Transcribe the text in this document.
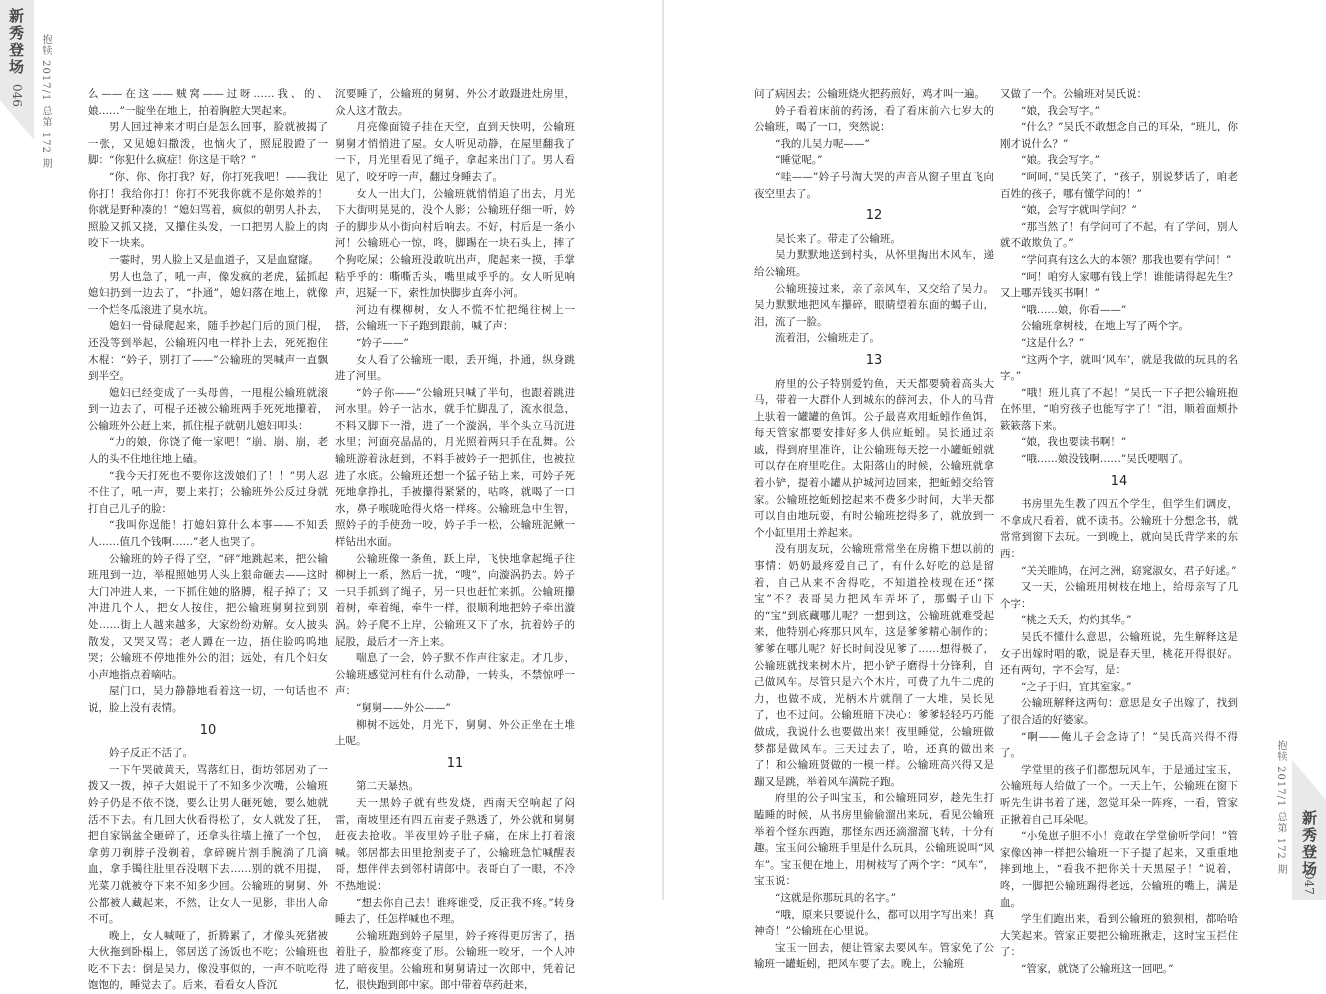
新秀登场
046 抱犊 2017/1 总第 172 期
新秀登场
047
抱犊 2017/1 总第 172 期

么——在这——贼窝——过呀……我、的、娘……”一腚坐在地上，拍着胸腔大哭起来。

男人回过神来才明白是怎么回事，脸就被揭了一张，又见媳妇撒泼，也恼火了，照屁股蹬了一脚：“你犯什么疯症！你这是干啥？”

“你、你、你打我？好，你打死我吧！——我让你打！我给你打！你打不死我你就不是你娘养的！你就是野种凑的！”媳妇骂着，疯似的朝男人扑去，照脸又抓又挠，又攥住头发，一口把男人脸上的肉咬下一块来。

一霎时，男人脸上又是血道子，又是血窟窿。

男人也急了，吼一声，像发疯的老虎，猛抓起媳妇扔到一边去了，“扑通”，媳妇落在地上，就像一个烂冬瓜滚进了臭水坑。

媳妇一骨碌爬起来，随手抄起门后的顶门棍，还没等到举起，公输班闪电一样扑上去，死死抱住木棍：“妗子，别打了——”公输班的哭喊声一直飘到半空。

媳妇已经变成了一头母兽，一甩棍公输班就滚到一边去了，可棍子还被公输班两手死死地攥着，公输班外公赶上来，抓住棍子就朝儿媳妇叩头：

“力的娘，你饶了俺一家吧！”崩、崩、崩，老人的头不住地往地上磕。

“我今天打死也不要你这泼娘们了！！”男人忍不住了，吼一声，要上来打；公输班外公反过身就打自己儿子的脸：

“我叫你逞能！打媳妇算什么本事——不知丢人……值几个钱啊……”老人也哭了。

公输班的妗子得了空，“砰”地跳起来，把公输班甩到一边，举棍照她男人头上狠命砸去——这时大门冲进人来，一下抓住她的胳膊，棍子掉了；又冲进几个人，把女人按住，把公输班舅舅拉到别处……街上人越来越多，大家纷纷劝解。女人披头散发，又哭又骂；老人蹲在一边，捂住脸呜呜地哭；公输班不停地推外公的泪；远处，有几个妇女小声地指点着嘀咕。

屋门口，吴力静静地看着这一切，一句话也不说，脸上没有表情。

10

妗子反正不活了。

一下午哭破黄天，骂落红日，街坊邻居劝了一拨又一拨，掉子大姐说干了不知多少次嘴，公输班妗子仍是不依不饶，要么让男人砸死她，要么她就活不下去。有几回大伙看得松了，女人就发了狂，把自家锅盆全砸碎了，还拿头往墙上撞了一个包，拿剪刀剃脖子没剃着，拿碎碗片割手腕淌了几滴血，拿手镯往肚里吞没咽下去……别的就不用提，光菜刀就被夺下来不知多少回。公输班的舅舅、外公都被人藏起来，不然，让女人一见影，非出人命不可。

晚上，女人喊哑了，折腾累了，才像头死猪被大伙拖到卧榻上，邻居送了汤饭也不吃；公输班也吃不下去：倒是吴力，像没事似的，一声不吭吃得饱饱的，睡觉去了。后来，看看女人昏沉

沉要睡了，公输班的舅舅、外公才敢蹑进灶房里，众人这才散去。

月亮像面镜子挂在天空，直到天快明，公输班舅舅才悄悄进了屋。女人听见动静，在屋里翻我了一下，月光里看见了绳子，拿起来出门了。男人看见了，咬牙哼一声，翻过身睡去了。

女人一出大门，公输班就悄悄追了出去，月光下大街明晃晃的，没个人影；公输班仔细一听，妗子的脚步从小街向村后响去。不好，村后是一条小河！公输班心一惊，咚，脚踢在一块石头上，摔了个狗吃屎；公输班没敢吭出声，爬起来一摸，手掌粘乎乎的：嘶嘶舌头，嘴里咸乎乎的。女人听见响声，迟疑一下，索性加快脚步直奔小河。

河边有棵柳树，女人不慌不忙把绳往树上一搭，公输班一下子跑到跟前，喊了声：

“妗子——”

女人看了公输班一眼，丢开绳，扑通，纵身跳进了河里。

“妗子你——”公输班只喊了半句，也跟着跳进河水里。妗子一沾水，就手忙脚乱了，流水很急，不料又脚下一滑，进了一个漩涡，半个头立马沉进水里；河面亮晶晶的，月光照着两只手在乱舞。公输班游着泳赶到，不料手被妗子一把抓住，也被拉进了水底。公输班还想一个猛子钻上来，可妗子死死地拿挣扎，手被攥得紧紧的，咕咚，就喝了一口水，鼻子喉咙呛得火烙一样疼。公输班急中生智，照妗子的手使劲一咬，妗子手一松，公输班泥鳅一样钻出水面。

公输班像一条鱼，跃上岸，飞快地拿起绳子往柳树上一系，然后一扰，“嗖”，向漩涡扔去。妗子一只手抓到了绳子，另一只也赶忙来抓。公输班攥着树，牵着绳，牵牛一样，很顺利地把妗子牵出漩涡。妗子爬不上岸，公输班又下了水，抗着妗子的屁股，最后才一齐上来。

喘息了一会，妗子默不作声往家走。才几步，公输班感觉河柱有什么动静，一转头，不禁惊呼一声：

“舅舅——外公——”

柳树不远处，月光下，舅舅、外公正坐在土堆上呢。

11

第二天暴热。

天一黑妗子就有些发烧，西南天空响起了闷雷，南坡里还有四五亩麦子熟透了，外公就和舅舅赶夜去抢收。半夜里妗子肚子痛，在床上打着滚喊。邻居都去田里抢割麦子了，公输班急忙喊醒表哥，想伴伴去到邻村请郎中。表哥白了一眼，不冷不热地说：

“想去你自己去！谁疼谁受，反正我不疼。”转身睡去了，任怎样喊也不理。

公输班跑到妗子屋里，妗子疼得更厉害了，捂着肚子，脸都疼变了形。公输班一咬牙，一个人冲进了暗夜里。公输班和舅舅请过一次郎中，凭着记忆，很快跑到郎中家。郎中带着草药赶来，

问了病因去；公输班烧火把药煎好，鸡才叫一遍。

妗子看着床前的药汤，看了看床前六七岁大的公输班，喝了一口，突然说：

“我的儿吴力呢——”

“睡觉呢。”

“哇——”妗子号淘大哭的声音从窗子里直飞向夜空里去了。

12

吴长来了。带走了公输班。

吴力默默地送到村头，从怀里掏出木风车，递给公输班。

公输班接过来，亲了亲风车，又交给了吴力。吴力默默地把风车攥碎，眼睛望着东面的蝎子山，泪，流了一脸。

流着泪，公输班走了。

13

府里的公子特别爱钓鱼，天天都要骑着高头大马，带着一大群仆人到城东的薛河去，仆人的马背上驮着一罐罐的鱼饵。公子最喜欢用蚯蚓作鱼饵，每天管家都要安排好多人供应蚯蚓。吴长通过亲戚，得到府里准许，让公输班每天挖一小罐蚯蚓就可以存在府里吃住。太阳落山的时候，公输班就拿着小铲，提着小罐从护城河边回来，把蚯蚓交给管家。公输班挖蚯蚓挖起来不费多少时间，大半天都可以自由地玩耍，有时公输班挖得多了，就放到一个小缸里用土养起来。

没有朋友玩，公输班常常坐在房檐下想以前的事情：奶奶最疼爱自己了，有什么好吃的总是留着，自己从来不舍得吃，不知道拴枝现在还“探宝”不？表哥吴力把风车弄坏了，那蝎子山下的“宝”到底藏哪儿呢？一想到这，公输班就难受起来，他特别心疼那只风车，这是爹爹精心制作的；爹爹在哪儿呢？好长时间没见爹了……想得极了，公输班就找来树木片，把小铲子磨得十分锋利，自己做风车。尽管只是六个木片，可费了九牛二虎的力，也做不成，光柄木片就削了一大堆，吴长见了，也不过问。公输班暗下决心：爹爹轻轻巧巧能做成，我说什么也要做出来！夜里睡觉，公输班做梦都是做风车。三天过去了，哈，还真的做出来了！和公输班贤做的一模一样。公输班高兴得又是蹦又是跳，举着风车满院子跑。

府里的公子叫宝玉，和公输班同岁，趁先生打瞌睡的时候，从书房里偷偷溜出来玩，看见公输班举着个怪东西跑，那怪东西还滴溜溜飞转，十分有趣。宝玉问公输班手里是什么玩具，公输班说叫“风车”。宝玉便在地上，用树枝写了两个字：“风车”，宝玉说：

“这就是你那玩具的名字。”

“哦，原来只要说什么，都可以用字写出来！真神奇！”公输班在心里说。

宝玉一回去，便让管家去要风车。管家免了公输班一罐蚯蚓，把风车要了去。晚上，公输班

又做了一个。公输班对吴氏说：

“娘，我会写字。”

“什么？”吴氏不敢想念自己的耳朵，“班儿，你刚才说什么？”

“娘。我会写字。”

“呵呵，”吴氏笑了，“孩子，别说梦话了，咱老百姓的孩子，哪有懂学问的！”

“娘，会写字就叫学问？”

“那当然了！有学问可了不起，有了学问，别人就不敢欺负了。”

“学问真有这么大的本领？那我也要有学问！”

“呵！咱穷人家哪有钱上学！谁能请得起先生？又上哪弄钱买书啊！”

“哦……娘，你看——”

公输班拿树枝，在地上写了两个字。

“这是什么？”

“这两个字，就叫‘风车’，就是我做的玩具的名字。”

“哦！班儿真了不起！”吴氏一下子把公输班抱在怀里，“咱穷孩子也能写字了！”泪，顺着面颊扑簌簌落下来。

“娘，我也要读书啊！”

“哦……娘没钱啊……”吴氏哽咽了。

14

书房里先生教了四五个学生，但学生们调皮，不拿成尺看着，就不读书。公输班十分想念书，就常常到窗下去玩。一到晚上，就向吴氏背学来的东西：

“关关睢鸠，在河之洲，窈窕淑女，君子好逑。”

又一天，公输班用树枝在地上，给母亲写了几个字：

“桃之夭夭，灼灼其华。”

吴氏不懂什么意思，公输班说，先生解释这是女子出嫁时唱的歌，说是春天里，桃花开得很好。还有两句，字不会写，是：

“之子于归，宜其室家。”

公输班解释这两句：意思是女子出嫁了，找到了很合适的好婆家。

“啊——俺儿子会念诗了！”吴氏高兴得不得了。

学堂里的孩子们都想玩风车，于是通过宝玉，公输班每人给做了一个。一天上午，公输班在窗下听先生讲书着了迷，忽觉耳朵一阵疼，一看，管家正揪着自己耳朵呢。

“小兔崽子胆不小！竟敢在学堂偷听学问！”管家像凶神一样把公输班一下子提了起来，又重重地摔到地上，“看我不把你关十天黑屋子！”说着，咚，一脚把公输班踢得老远，公输班的嘴上，满是血。

学生们跑出来，看到公输班的狼狈相，都哈哈大笑起来。管家正要把公输班揪走，这时宝玉拦住了：

“管家，就饶了公输班这一回吧。”
